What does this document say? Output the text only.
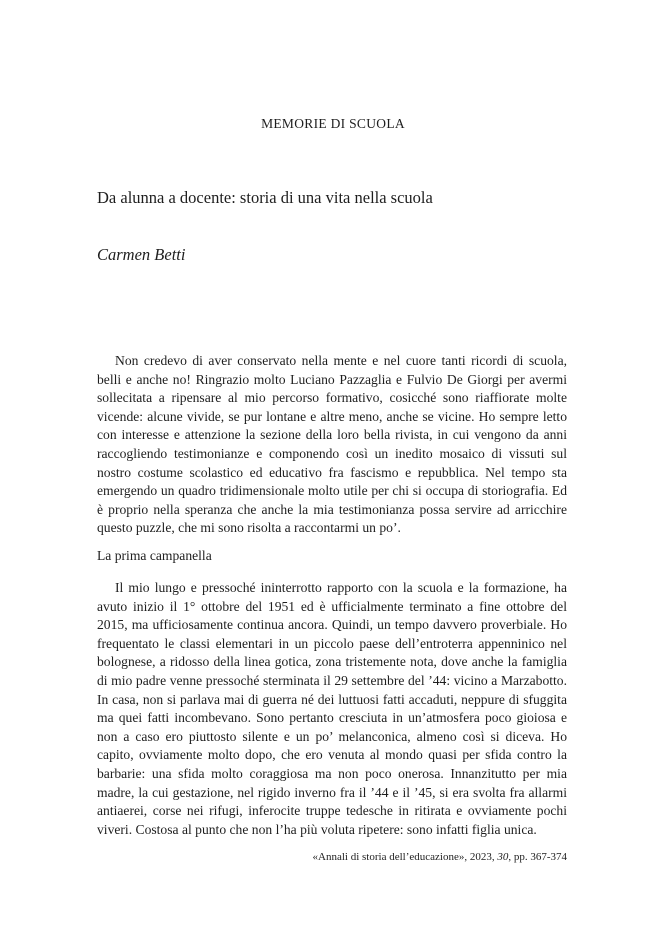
MEMORIE DI SCUOLA
Da alunna a docente: storia di una vita nella scuola
Carmen Betti

Non credevo di aver conservato nella mente e nel cuore tanti ricordi di scuola, belli e anche no! Ringrazio molto Luciano Pazzaglia e Fulvio De Giorgi per avermi sollecitata a ripensare al mio percorso formativo, cosicché sono riaffiorate molte vicende: alcune vivide, se pur lontane e altre meno, anche se vicine. Ho sempre letto con interesse e attenzione la sezione della loro bella rivista, in cui vengono da anni raccogliendo testimonianze e componendo così un inedito mosaico di vissuti sul nostro costume scolastico ed educativo fra fascismo e repubblica. Nel tempo sta emergendo un quadro tridimensionale molto utile per chi si occupa di storiografia. Ed è proprio nella speranza che anche la mia testimonianza possa servire ad arricchire questo puzzle, che mi sono risolta a raccontarmi un po’.

La prima campanella

Il mio lungo e pressoché ininterrotto rapporto con la scuola e la formazione, ha avuto inizio il 1° ottobre del 1951 ed è ufficialmente terminato a fine ottobre del 2015, ma ufficiosamente continua ancora. Quindi, un tempo davvero proverbiale. Ho frequentato le classi elementari in un piccolo paese dell’entroterra appenninico nel bolognese, a ridosso della linea gotica, zona tristemente nota, dove anche la famiglia di mio padre venne pressoché sterminata il 29 settembre del ’44: vicino a Marzabotto. In casa, non si parlava mai di guerra né dei luttuosi fatti accaduti, neppure di sfuggita ma quei fatti incombevano. Sono pertanto cresciuta in un’atmosfera poco gioiosa e non a caso ero piuttosto silente e un po’ melanconica, almeno così si diceva. Ho capito, ovviamente molto dopo, che ero venuta al mondo quasi per sfida contro la barbarie: una sfida molto coraggiosa ma non poco onerosa. Innanzitutto per mia madre, la cui gestazione, nel rigido inverno fra il ’44 e il ’45, si era svolta fra allarmi antiaerei, corse nei rifugi, inferocite truppe tedesche in ritirata e ovviamente pochi viveri. Costosa al punto che non l’ha più voluta ripetere: sono infatti figlia unica.

«Annali di storia dell’educazione», 2023, 30, pp. 367-374
